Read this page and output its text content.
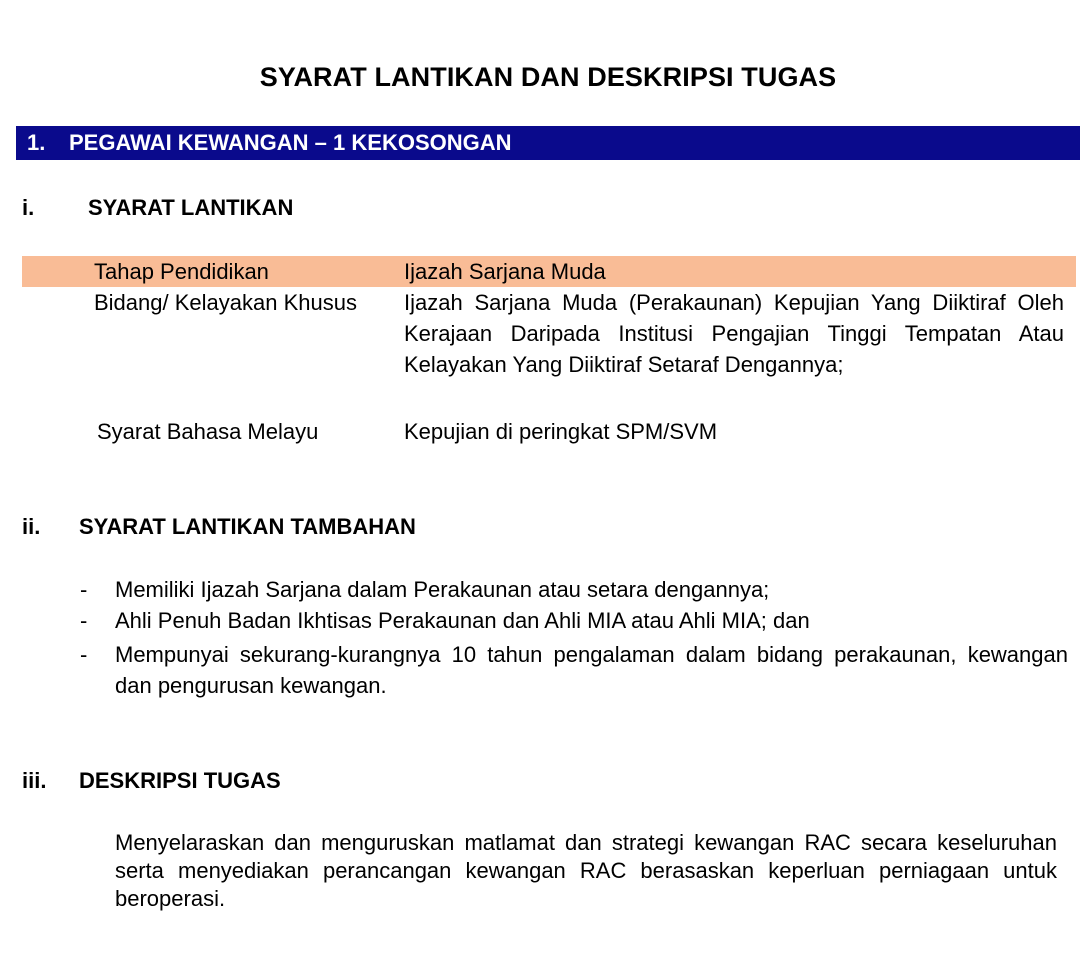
SYARAT LANTIKAN DAN DESKRIPSI TUGAS
1. PEGAWAI KEWANGAN – 1 KEKOSONGAN
i. SYARAT LANTIKAN
Tahap Pendidikan	Ijazah Sarjana Muda
Bidang/ Kelayakan Khusus Ijazah Sarjana Muda (Perakaunan) Kepujian Yang Diiktiraf Oleh Kerajaan Daripada Institusi Pengajian Tinggi Tempatan Atau Kelayakan Yang Diiktiraf Setaraf Dengannya;
Syarat Bahasa Melayu	Kepujian di peringkat SPM/SVM
ii. SYARAT LANTIKAN TAMBAHAN
- Memiliki Ijazah Sarjana dalam Perakaunan atau setara dengannya;
- Ahli Penuh Badan Ikhtisas Perakaunan dan Ahli MIA atau Ahli MIA; dan
- Mempunyai sekurang-kurangnya 10 tahun pengalaman dalam bidang perakaunan, kewangan dan pengurusan kewangan.
iii. DESKRIPSI TUGAS
Menyelaraskan dan menguruskan matlamat dan strategi kewangan RAC secara keseluruhan serta menyediakan perancangan kewangan RAC berasaskan keperluan perniagaan untuk beroperasi.
